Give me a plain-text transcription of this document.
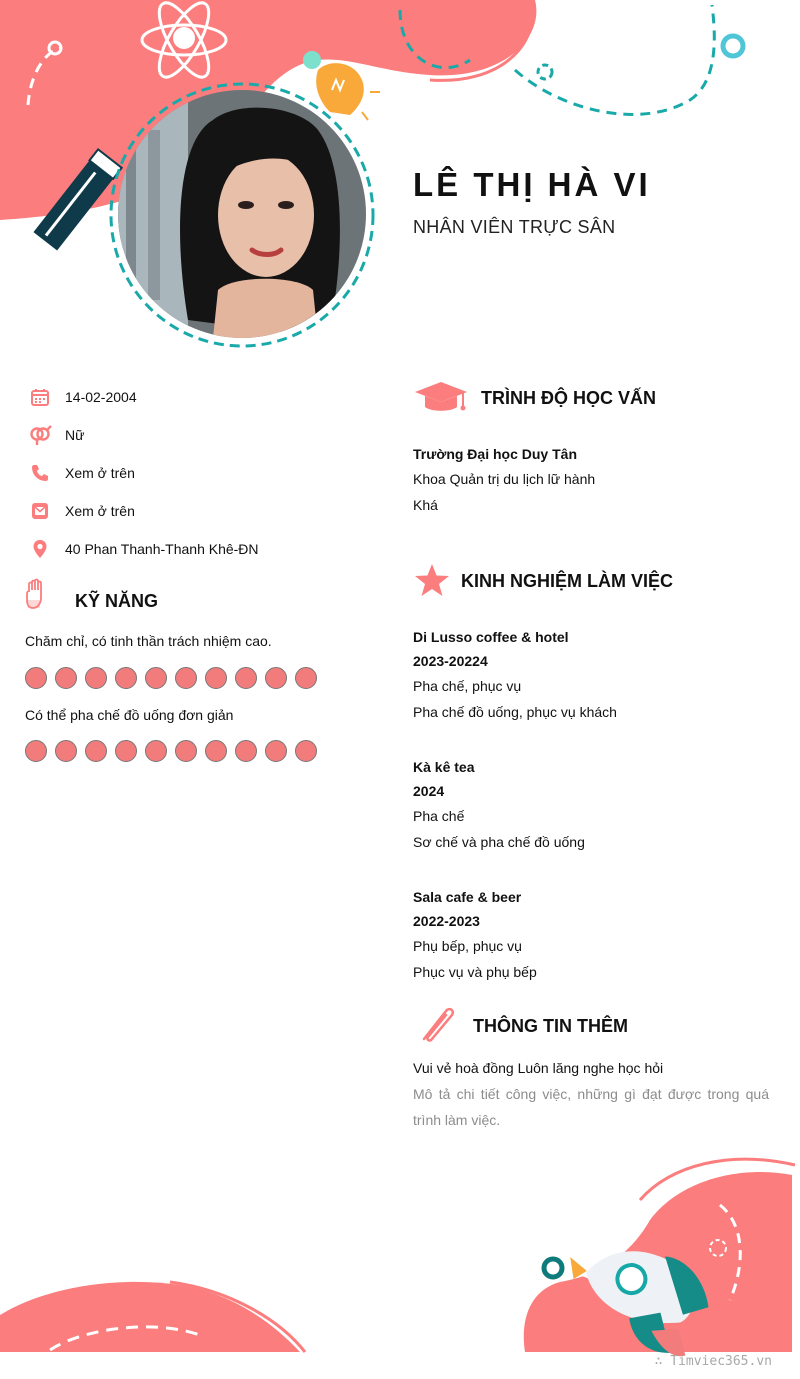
LÊ THỊ HÀ VI
NHÂN VIÊN TRỰC SÂN
14-02-2004
Nữ
Xem ở trên
Xem ở trên
40 Phan Thanh-Thanh Khê-ĐN
KỸ NĂNG
Chăm chỉ, có tinh thần trách nhiệm cao.
Có thể pha chế đồ uống đơn giản
TRÌNH ĐỘ HỌC VẤN
Trường Đại học Duy Tân
Khoa Quản trị du lịch lữ hành
Khá
KINH NGHIỆM LÀM VIỆC
Di Lusso coffee & hotel
2023-20224
Pha chế, phục vụ
Pha chế đồ uống, phục vụ khách
Kà kê tea
2024
Pha chế
Sơ chế và pha chế đồ uống
Sala cafe & beer
2022-2023
Phụ bếp, phục vụ
Phục vụ và phụ bếp
THÔNG TIN THÊM
Vui vẻ hoà đồng Luôn lăng nghe học hỏi
Mô tả chi tiết công việc, những gì đạt được trong quá trình làm việc.
∴ Timviec365.vn
